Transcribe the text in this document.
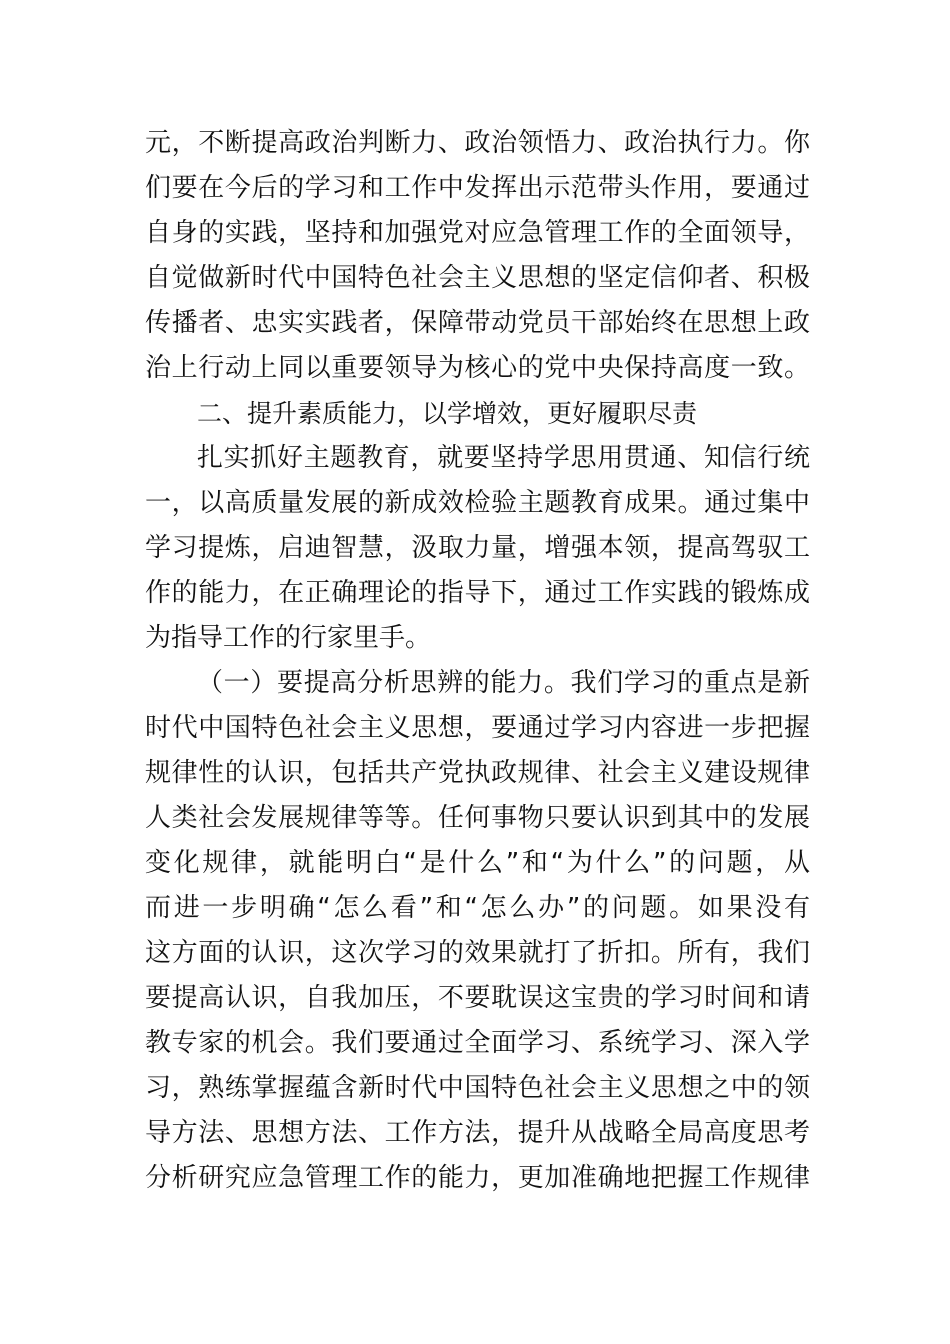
元，不断提高政治判断力、政治领悟力、政治执行力。你
们要在今后的学习和工作中发挥出示范带头作用，要通过
自身的实践，坚持和加强党对应急管理工作的全面领导，
自觉做新时代中国特色社会主义思想的坚定信仰者、积极
传播者、忠实实践者，保障带动党员干部始终在思想上政
治上行动上同以重要领导为核心的党中央保持高度一致。
二、提升素质能力，以学增效，更好履职尽责
扎实抓好主题教育，就要坚持学思用贯通、知信行统
一，以高质量发展的新成效检验主题教育成果。通过集中
学习提炼，启迪智慧，汲取力量，增强本领，提高驾驭工
作的能力，在正确理论的指导下，通过工作实践的锻炼成
为指导工作的行家里手。
（一）要提高分析思辨的能力。我们学习的重点是新
时代中国特色社会主义思想，要通过学习内容进一步把握
规律性的认识，包括共产党执政规律、社会主义建设规律
人类社会发展规律等等。任何事物只要认识到其中的发展
变化规律，就能明白“是什么”和“为什么”的问题，从
而进一步明确“怎么看”和“怎么办”的问题。如果没有
这方面的认识，这次学习的效果就打了折扣。所有，我们
要提高认识，自我加压，不要耽误这宝贵的学习时间和请
教专家的机会。我们要通过全面学习、系统学习、深入学
习，熟练掌握蕴含新时代中国特色社会主义思想之中的领
导方法、思想方法、工作方法，提升从战略全局高度思考
分析研究应急管理工作的能力，更加准确地把握工作规律
